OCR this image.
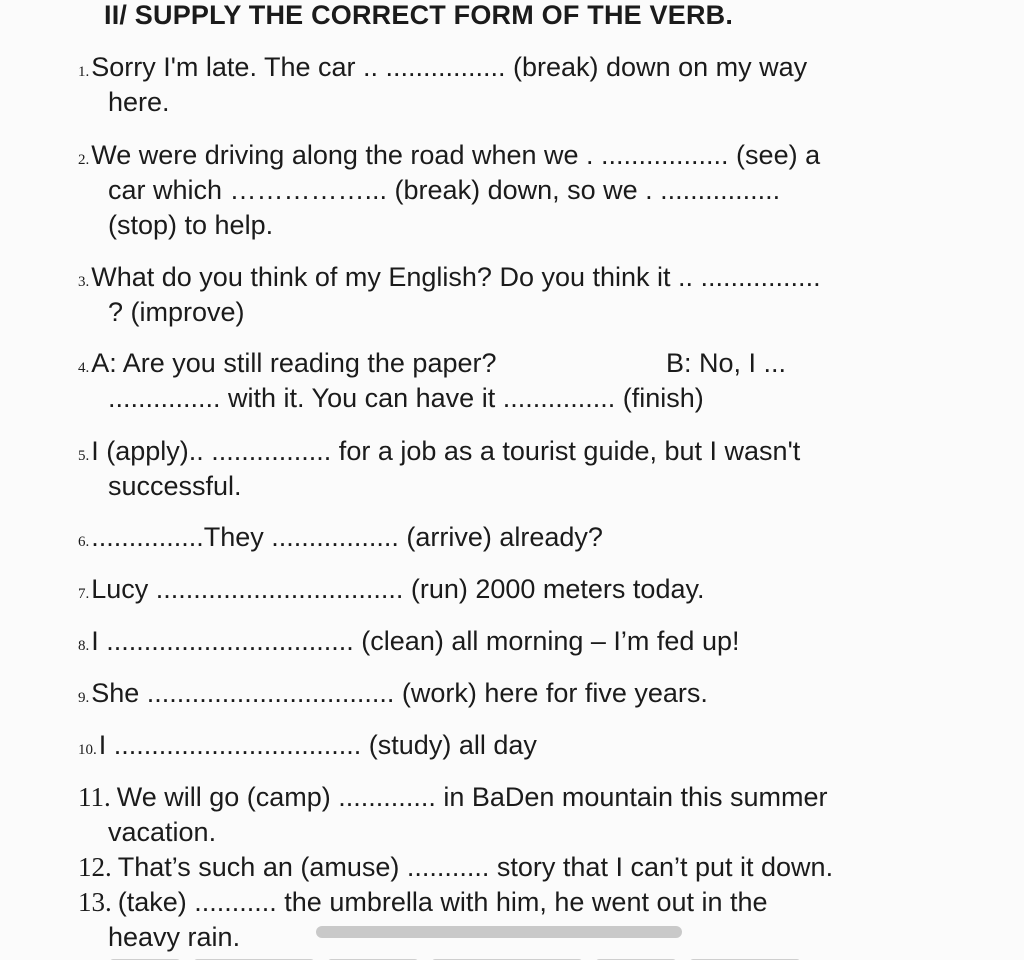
II/ SUPPLY THE CORRECT FORM OF THE VERB.
1.Sorry I'm late. The car .. ................ (break) down on my way
here.
2.We were driving along the road when we . ................. (see) a
car which ……………... (break) down, so we . ................
(stop) to help.
3.What do you think of my English? Do you think it .. ................
? (improve)
4.A: Are you still reading the paper?	B: No, I ...
............... with it. You can have it ............... (finish)
5.I (apply).. ................ for a job as a tourist guide, but I wasn't
successful.
6................They ................. (arrive) already?
7.Lucy ................................. (run) 2000 meters today.
8.I ................................. (clean) all morning – I’m fed up!
9.She ................................. (work) here for five years.
10.I ................................. (study) all day
11. We will go (camp) ............. in BaDen mountain this summer
vacation.
12. That’s such an (amuse) ........... story that I can’t put it down.
13. (take) ........... the umbrella with him, he went out in the
heavy rain.
